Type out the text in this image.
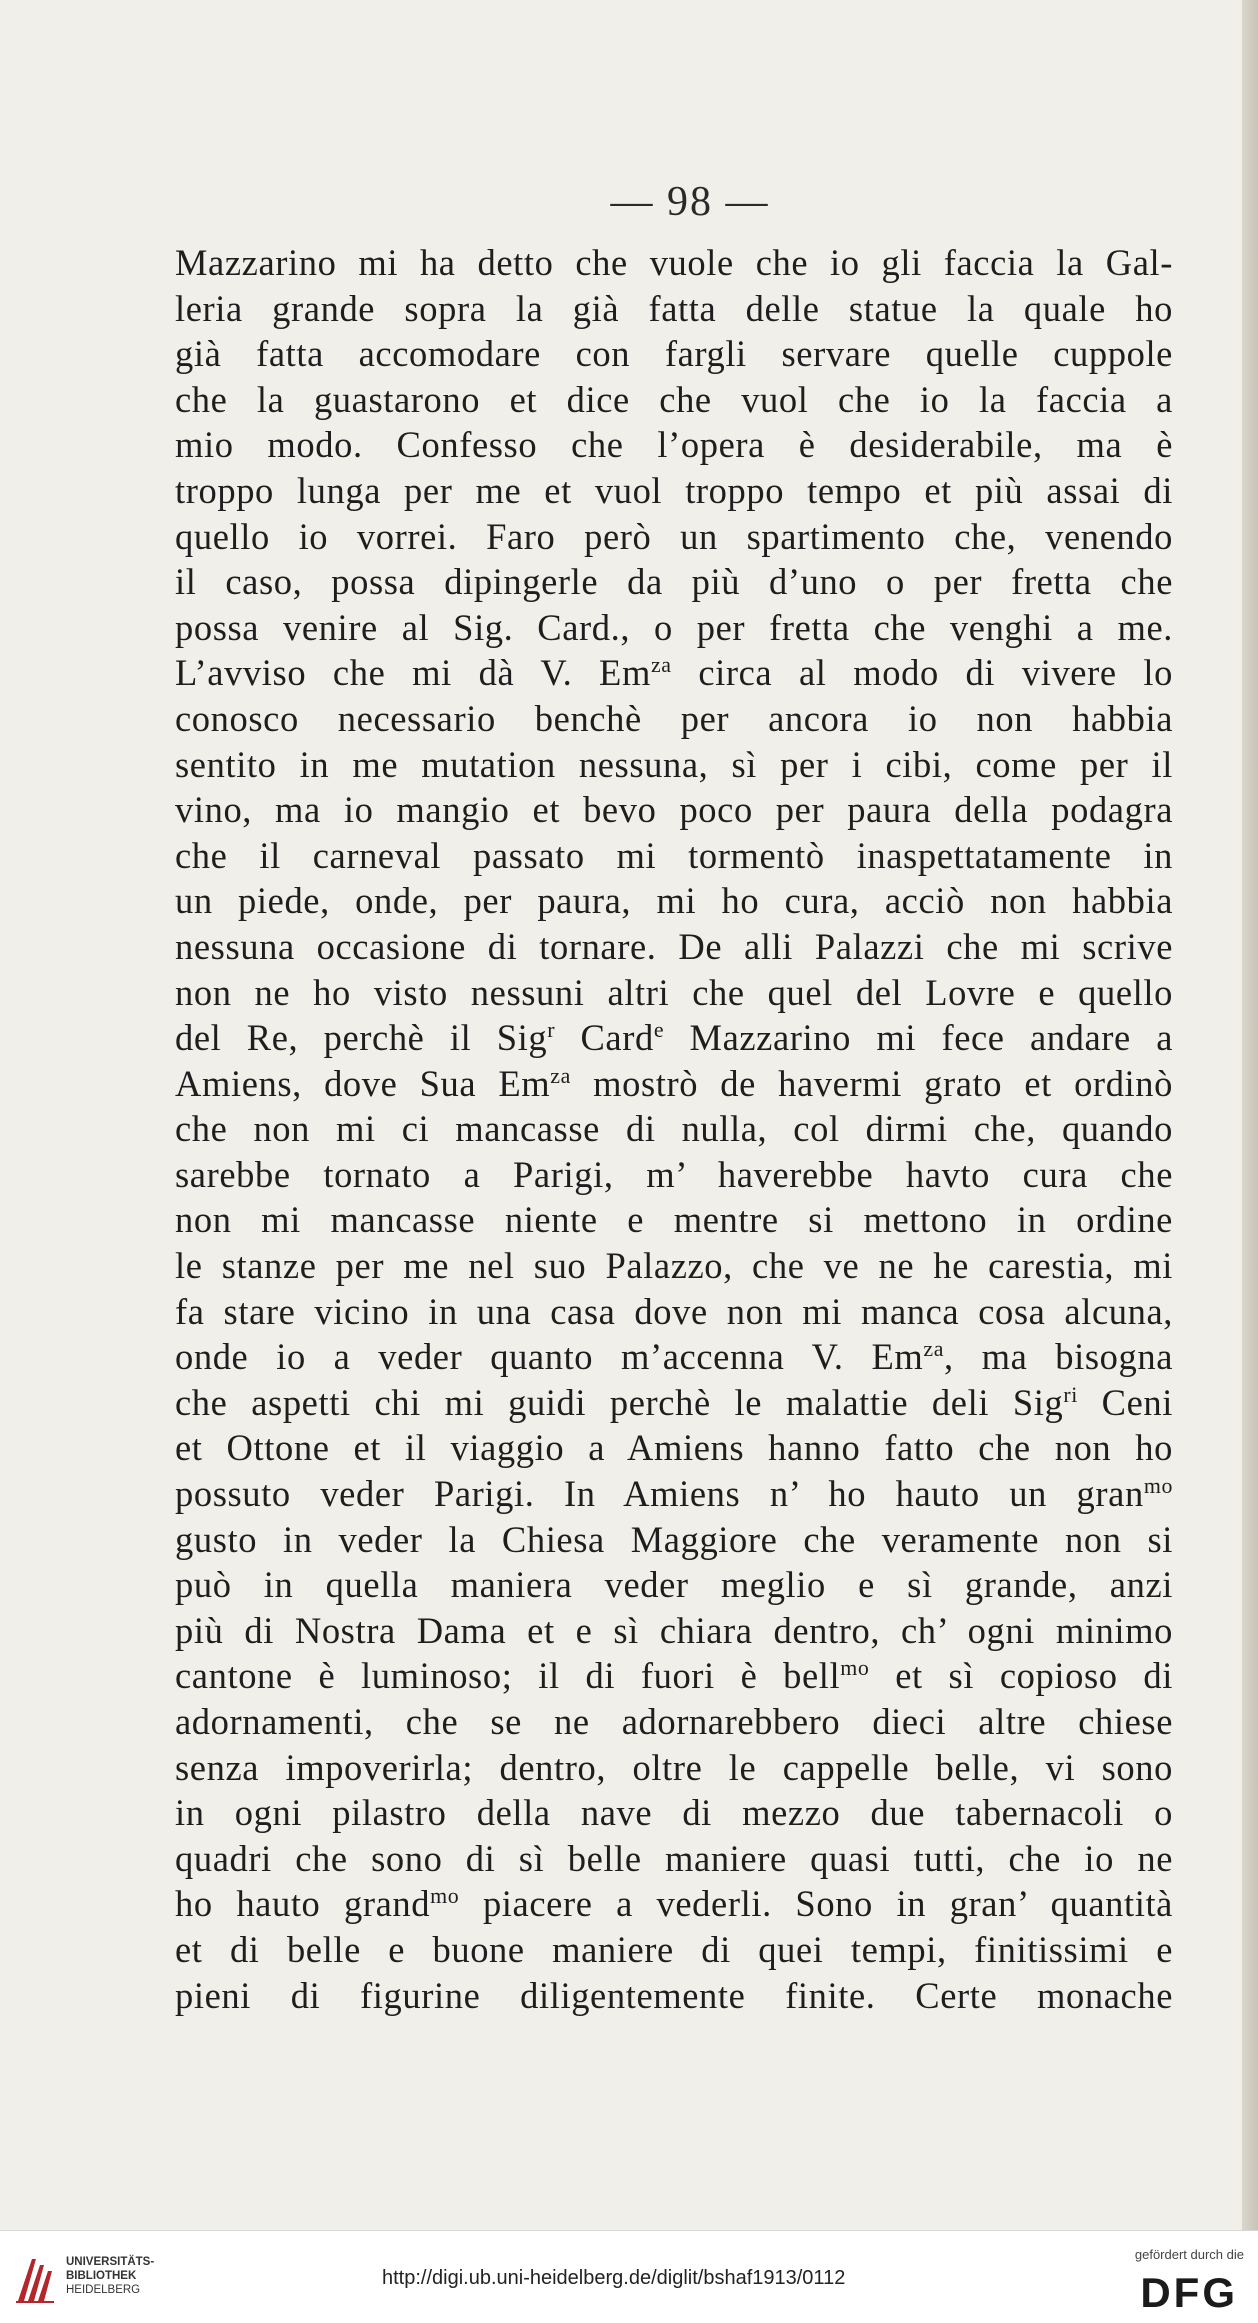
— 98 —
Mazzarino mi ha detto che vuole che io gli faccia la Gal-
leria grande sopra la già fatta delle statue la quale ho
già fatta accomodare con fargli servare quelle cuppole
che la guastarono et dice che vuol che io la faccia a
mio modo. Confesso che l’opera è desiderabile, ma è
troppo lunga per me et vuol troppo tempo et più assai di
quello io vorrei. Faro però un spartimento che, venendo
il caso, possa dipingerle da più d’uno o per fretta che
possa venire al Sig. Card., o per fretta che venghi a me.
L’avviso che mi dà V. $Em^{za}$ circa al modo di vivere lo
conosco necessario benchè per ancora io non habbia
sentito in me mutation nessuna, sì per i cibi, come per il
vino, ma io mangio et bevo poco per paura della podagra
che il carneval passato mi tormentò inaspettatamente in
un piede, onde, per paura, mi ho cura, acciò non habbia
nessuna occasione di tornare. De alli Palazzi che mi scrive
non ne ho visto nessuni altri che quel del Lovre e quello
del Re, perchè il Sig$^r$ Card$^e$ Mazzarino mi fece andare a
Amiens, dove Sua $Em^{za}$ mostrò de havermi grato et ordinò
che non mi ci mancasse di nulla, col dirmi che, quando
sarebbe tornato a Parigi, m’ haverebbe havto cura che
non mi mancasse niente e mentre si mettono in ordine
le stanze per me nel suo Palazzo, che ve ne he carestia, mi
fa stare vicino in una casa dove non mi manca cosa alcuna,
onde io a veder quanto m’accenna V. $Em^{za}$, ma bisogna
che aspetti chi mi guidi perchè le malattie deli Sig$^{ri}$ Ceni
et Ottone et il viaggio a Amiens hanno fatto che non ho
possuto veder Parigi. In Amiens n’ ho hauto un gran$^{mo}$
gusto in veder la Chiesa Maggiore che veramente non si
può in quella maniera veder meglio e sì grande, anzi
più di Nostra Dama et e sì chiara dentro, ch’ ogni minimo
cantone è luminoso; il di fuori è bell$^{mo}$ et sì copioso di
adornamenti, che se ne adornarebbero dieci altre chiese
senza impoverirla; dentro, oltre le cappelle belle, vi sono
in ogni pilastro della nave di mezzo due tabernacoli o
quadri che sono di sì belle maniere quasi tutti, che io ne
ho hauto grand$^{mo}$ piacere a vederli. Sono in gran’ quantità
et di belle e buone maniere di quei tempi, finitissimi e
pieni di figurine diligentemente finite. Certe monache
UNIVERSITÄTS-
BIBLIOTHEK
HEIDELBERG
http://digi.ub.uni-heidelberg.de/diglit/bshaf1913/0112
gefördert durch die
DFG
